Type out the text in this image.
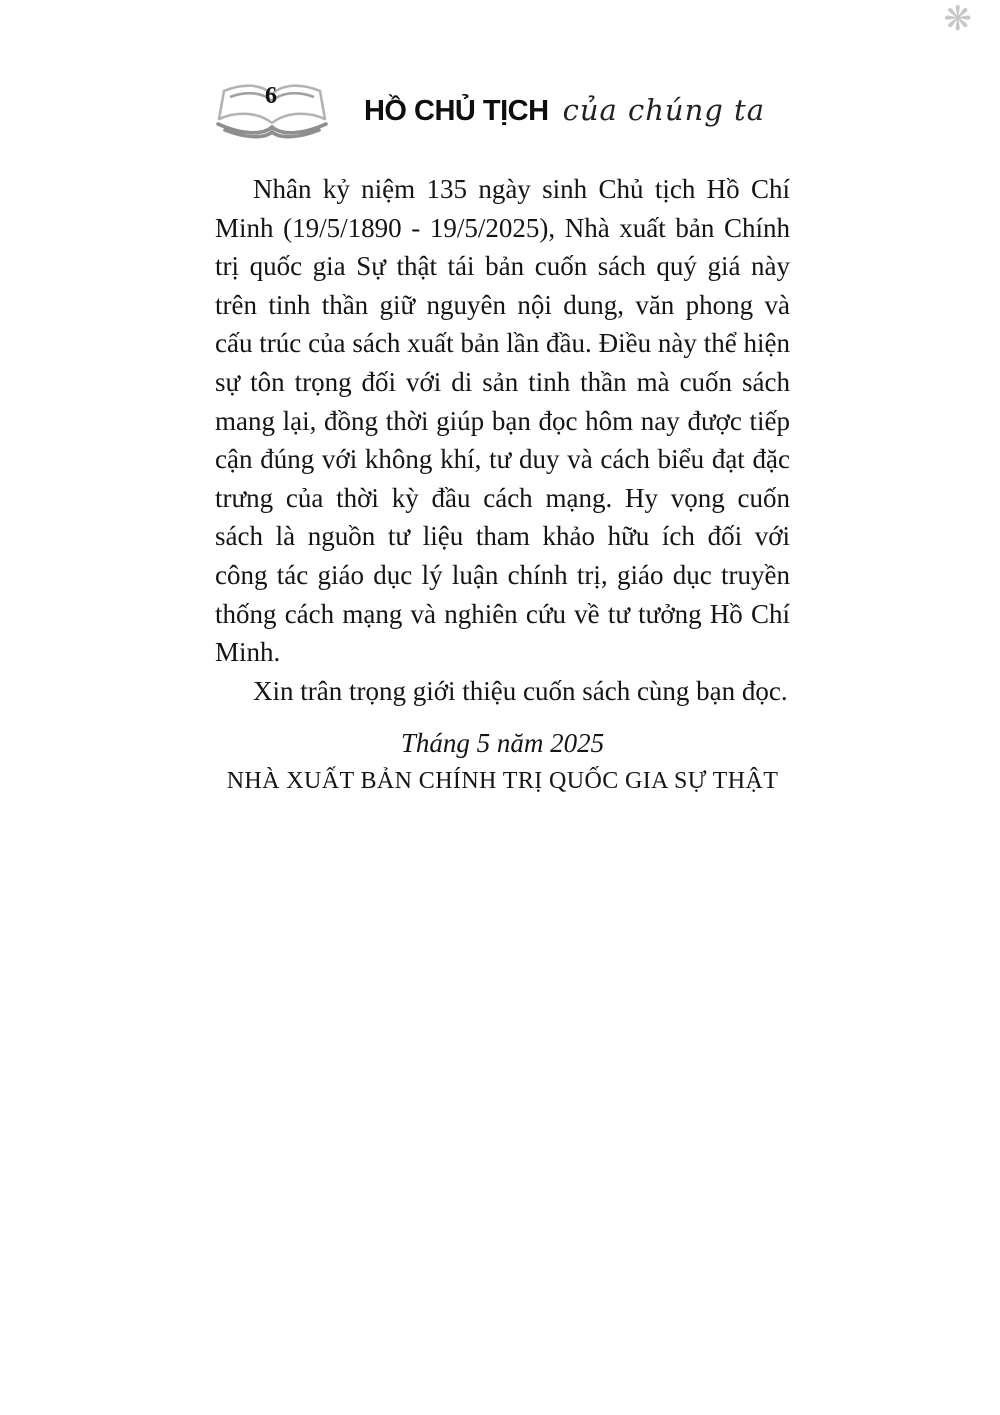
❋
6	HỒ CHỦ TỊCH của chúng ta

Nhân kỷ niệm 135 ngày sinh Chủ tịch Hồ Chí Minh (19/5/1890 - 19/5/2025), Nhà xuất bản Chính trị quốc gia Sự thật tái bản cuốn sách quý giá này trên tinh thần giữ nguyên nội dung, văn phong và cấu trúc của sách xuất bản lần đầu. Điều này thể hiện sự tôn trọng đối với di sản tinh thần mà cuốn sách mang lại, đồng thời giúp bạn đọc hôm nay được tiếp cận đúng với không khí, tư duy và cách biểu đạt đặc trưng của thời kỳ đầu cách mạng. Hy vọng cuốn sách là nguồn tư liệu tham khảo hữu ích đối với công tác giáo dục lý luận chính trị, giáo dục truyền thống cách mạng và nghiên cứu về tư tưởng Hồ Chí Minh.

Xin trân trọng giới thiệu cuốn sách cùng bạn đọc.

Tháng 5 năm 2025

NHÀ XUẤT BẢN CHÍNH TRỊ QUỐC GIA SỰ THẬT
